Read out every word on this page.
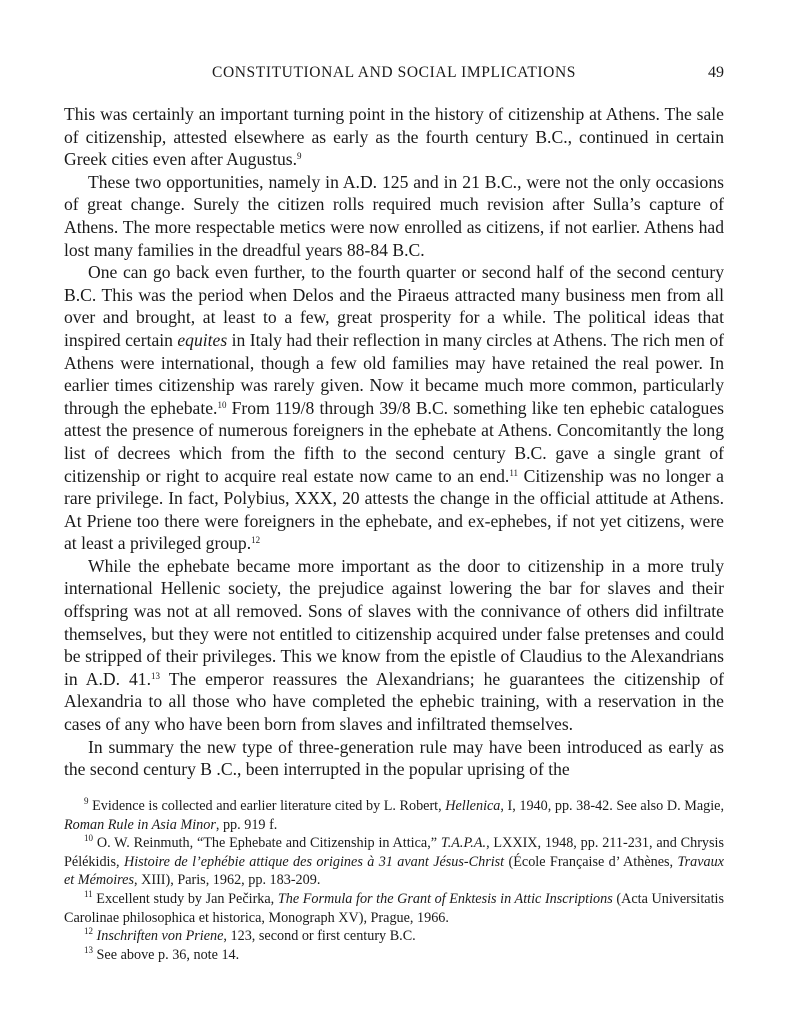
CONSTITUTIONAL AND SOCIAL IMPLICATIONS	49

This was certainly an important turning point in the history of citizenship at Athens. The sale of citizenship, attested elsewhere as early as the fourth century B.C., continued in certain Greek cities even after Augustus.$^9$

These two opportunities, namely in A.D. 125 and in 21 B.C., were not the only occasions of great change. Surely the citizen rolls required much revision after Sulla’s capture of Athens. The more respectable metics were now enrolled as citizens, if not earlier. Athens had lost many families in the dreadful years 88-84 B.C.

One can go back even further, to the fourth quarter or second half of the second century B.C. This was the period when Delos and the Piraeus attracted many business men from all over and brought, at least to a few, great prosperity for a while. The political ideas that inspired certain equites in Italy had their reflection in many circles at Athens. The rich men of Athens were international, though a few old families may have retained the real power. In earlier times citizenship was rarely given. Now it became much more common, particularly through the ephebate.$^{10}$ From 119/8 through 39/8 B.C. something like ten ephebic catalogues attest the presence of numerous foreigners in the ephebate at Athens. Concomitantly the long list of decrees which from the fifth to the second century B.C. gave a single grant of citizenship or right to acquire real estate now came to an end.$^{11}$ Citizenship was no longer a rare privilege. In fact, Polybius, XXX, 20 attests the change in the official attitude at Athens. At Priene too there were foreigners in the ephebate, and ex-ephebes, if not yet citizens, were at least a privileged group.$^{12}$

While the ephebate became more important as the door to citizenship in a more truly international Hellenic society, the prejudice against lowering the bar for slaves and their offspring was not at all removed. Sons of slaves with the connivance of others did infiltrate themselves, but they were not entitled to citizenship acquired under false pretenses and could be stripped of their privileges. This we know from the epistle of Claudius to the Alexandrians in A.D. 41.13 The emperor reassures the Alexandrians; he guarantees the citizenship of Alexandria to all those who have completed the ephebic training, with a reservation in the cases of any who have been born from slaves and infiltrated themselves.

In summary the new type of three-generation rule may have been introduced as early as the second century B .C., been interrupted in the popular uprising of the

$^9$ Evidence is collected and earlier literature cited by L. Robert, Hellenica, I, 1940, pp. 38-42. See also D. Magie, Roman Rule in Asia Minor, pp. 919 f.

$^{10}$ O. W. Reinmuth, “The Ephebate and Citizenship in Attica,” T.A.P.A., LXXIX, 1948, pp. 211-231, and Chrysis Pélékidis, Histoire de l’ephébie attique des origines à 31 avant Jésus-Christ (École Française d’ Athènes, Travaux et Mémoires, XIII), Paris, 1962, pp. 183-209.

$^{11}$ Excellent study by Jan Pečirka, The Formula for the Grant of Enktesis in Attic Inscriptions (Acta Universitatis Carolinae philosophica et historica, Monograph XV), Prague, 1966.

$^{12}$ Inschriften von Priene, 123, second or first century B.C.

$^{13}$ See above p. 36, note 14.
